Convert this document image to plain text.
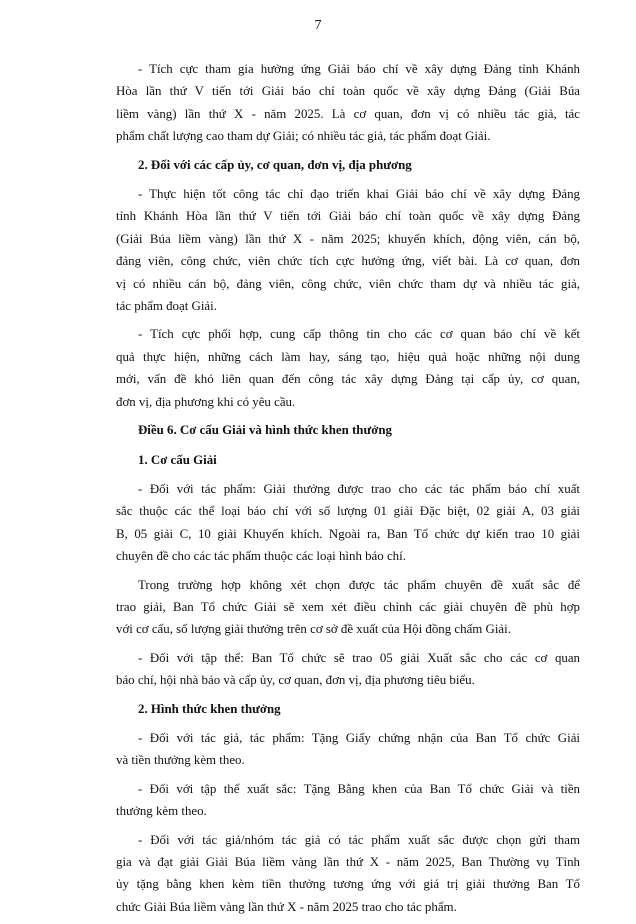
7
- Tích cực tham gia hưởng ứng Giải báo chí về xây dựng Đảng tỉnh Khánh
Hòa lần thứ V tiến tới Giải báo chí toàn quốc về xây dựng Đảng (Giải Búa
liềm vàng) lần thứ X - năm 2025. Là cơ quan, đơn vị có nhiều tác giả, tác
phẩm chất lượng cao tham dự Giải; có nhiều tác giả, tác phẩm đoạt Giải.
2. Đối với các cấp ủy, cơ quan, đơn vị, địa phương
- Thực hiện tốt công tác chỉ đạo triển khai Giải báo chí về xây dựng Đảng
tỉnh Khánh Hòa lần thứ V tiến tới Giải báo chí toàn quốc về xây dựng Đảng
(Giải Búa liềm vàng) lần thứ X - năm 2025; khuyến khích, động viên, cán bộ,
đảng viên, công chức, viên chức tích cực hưởng ứng, viết bài. Là cơ quan, đơn
vị có nhiều cán bộ, đảng viên, công chức, viên chức tham dự và nhiều tác giả,
tác phẩm đoạt Giải.
- Tích cực phối hợp, cung cấp thông tin cho các cơ quan báo chí về kết
quả thực hiện, những cách làm hay, sáng tạo, hiệu quả hoặc những nội dung
mới, vấn đề khó liên quan đến công tác xây dựng Đảng tại cấp ủy, cơ quan,
đơn vị, địa phương khi có yêu cầu.
Điều 6. Cơ cấu Giải và hình thức khen thưởng
1. Cơ cấu Giải
- Đối với tác phẩm: Giải thưởng được trao cho các tác phẩm báo chí xuất
sắc thuộc các thể loại báo chí với số lượng 01 giải Đặc biệt, 02 giải A, 03 giải
B, 05 giải C, 10 giải Khuyến khích. Ngoài ra, Ban Tổ chức dự kiến trao 10 giải
chuyên đề cho các tác phẩm thuộc các loại hình báo chí.
Trong trường hợp không xét chọn được tác phẩm chuyên đề xuất sắc để
trao giải, Ban Tổ chức Giải sẽ xem xét điều chỉnh các giải chuyên đề phù hợp
với cơ cấu, số lượng giải thưởng trên cơ sở đề xuất của Hội đồng chấm Giải.
- Đối với tập thể: Ban Tổ chức sẽ trao 05 giải Xuất sắc cho các cơ quan
báo chí, hội nhà báo và cấp ủy, cơ quan, đơn vị, địa phương tiêu biểu.
2. Hình thức khen thưởng
- Đối với tác giả, tác phẩm: Tặng Giấy chứng nhận của Ban Tổ chức Giải
và tiền thưởng kèm theo.
- Đối với tập thể xuất sắc: Tặng Bằng khen của Ban Tổ chức Giải và tiền
thưởng kèm theo.
- Đối với tác giả/nhóm tác giả có tác phẩm xuất sắc được chọn gửi tham
gia và đạt giải Giải Búa liềm vàng lần thứ X - năm 2025, Ban Thường vụ Tỉnh
ủy tặng bằng khen kèm tiền thưởng tương ứng với giá trị giải thưởng Ban Tổ
chức Giải Búa liềm vàng lần thứ X - năm 2025 trao cho tác phẩm.
